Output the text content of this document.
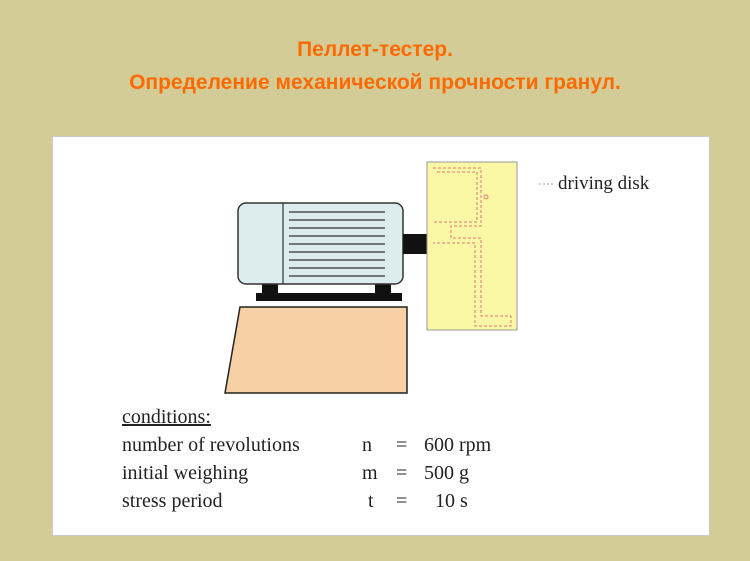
Пеллет-тестер.
Определение механической прочности гранул.
driving disk
conditions:
number of revolutions	n = 600 rpm
initial weighing	m = 500 g
stress period	t = 10 s
